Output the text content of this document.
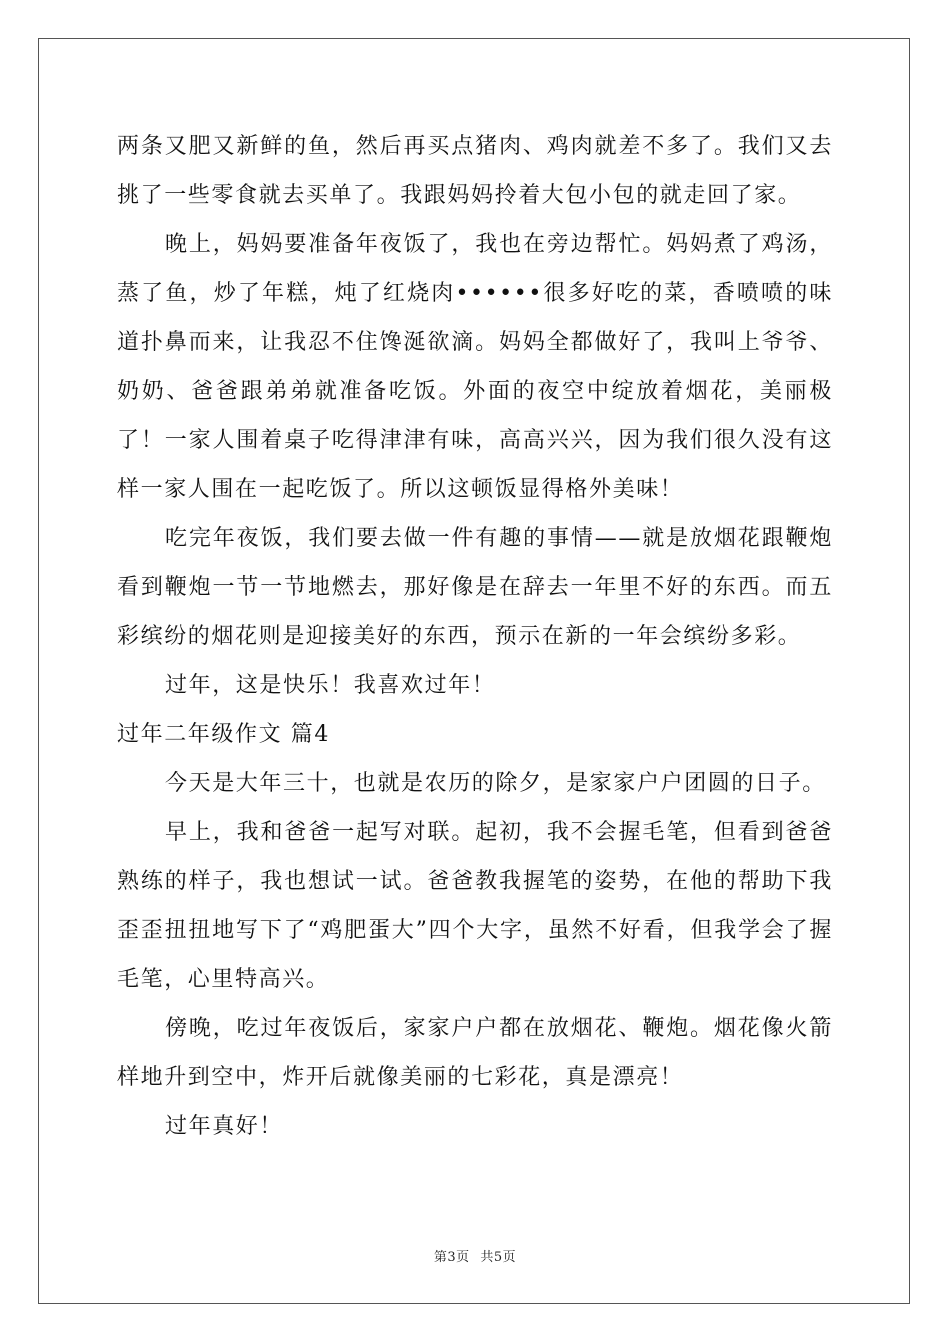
两条又肥又新鲜的鱼，然后再买点猪肉、鸡肉就差不多了。我们又去挑了一些零食就去买单了。我跟妈妈拎着大包小包的就走回了家。

晚上，妈妈要准备年夜饭了，我也在旁边帮忙。妈妈煮了鸡汤，蒸了鱼，炒了年糕，炖了红烧肉••••••很多好吃的菜，香喷喷的味道扑鼻而来，让我忍不住馋涎欲滴。妈妈全都做好了，我叫上爷爷、奶奶、爸爸跟弟弟就准备吃饭。外面的夜空中绽放着烟花，美丽极了！一家人围着桌子吃得津津有味，高高兴兴，因为我们很久没有这样一家人围在一起吃饭了。所以这顿饭显得格外美味！

吃完年夜饭，我们要去做一件有趣的事情——就是放烟花跟鞭炮看到鞭炮一节一节地燃去，那好像是在辞去一年里不好的东西。而五彩缤纷的烟花则是迎接美好的东西，预示在新的一年会缤纷多彩。

过年，这是快乐！我喜欢过年！

过年二年级作文 篇4

今天是大年三十，也就是农历的除夕，是家家户户团圆的日子。

早上，我和爸爸一起写对联。起初，我不会握毛笔，但看到爸爸熟练的样子，我也想试一试。爸爸教我握笔的姿势，在他的帮助下我歪歪扭扭地写下了“鸡肥蛋大”四个大字，虽然不好看，但我学会了握毛笔，心里特高兴。

傍晚，吃过年夜饭后，家家户户都在放烟花、鞭炮。烟花像火箭样地升到空中，炸开后就像美丽的七彩花，真是漂亮！

过年真好！

第3页 共5页
